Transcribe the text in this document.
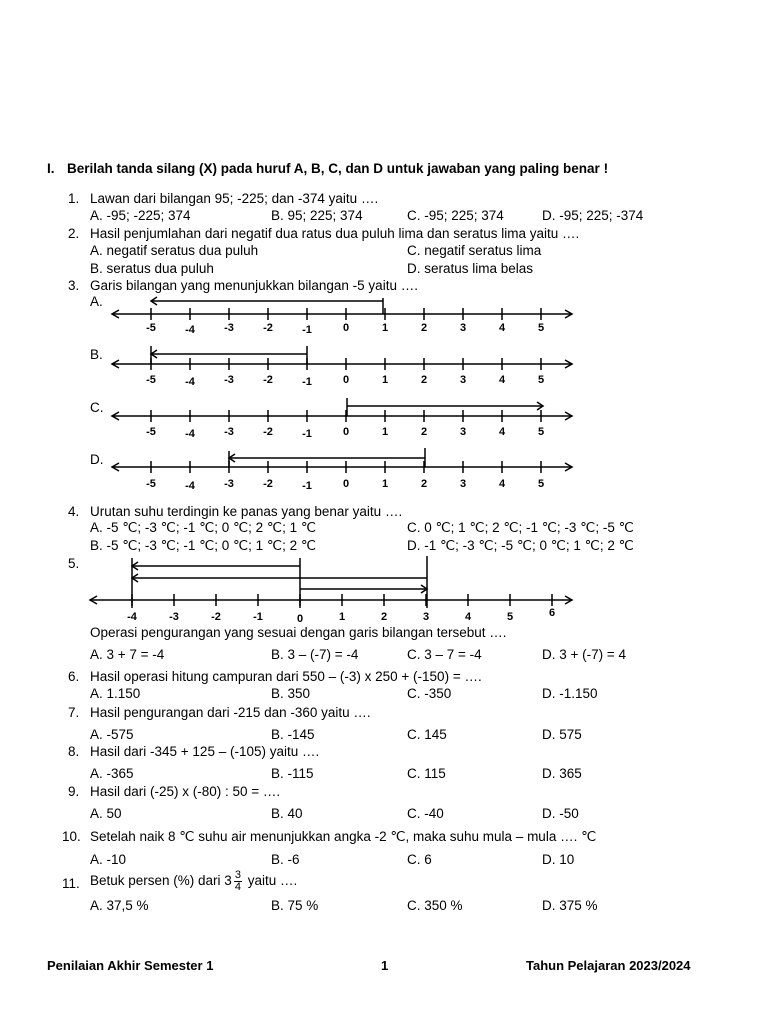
I. Berilah tanda silang (X) pada huruf A, B, C, dan D untuk jawaban yang paling benar !
1. Lawan dari bilangan 95; -225; dan -374 yaitu ….
A. -95; -225; 374	B. 95; 225; 374	C. -95; 225; 374	D. -95; 225; -374
2. Hasil penjumlahan dari negatif dua ratus dua puluh lima dan seratus lima yaitu ….
A. negatif seratus dua puluh	C. negatif seratus lima
B. seratus dua puluh	D. seratus lima belas
3. Garis bilangan yang menunjukkan bilangan -5 yaitu ….
A.
-5	-4	-3	-2	-1	0	1	2	3	4	5
B.
-5	-4	-3	-2	-1	0	1	2	3	4	5
C.
-5	-4	-3	-2	-1	0	1	2	3	4	5
D.
-5	-4	-3	-2	-1	0	1	2	3	4	5
4. Urutan suhu terdingin ke panas yang benar yaitu ….
A. -5 ℃; -3 ℃; -1 ℃; 0 ℃; 2 ℃; 1 ℃	C. 0 ℃; 1 ℃; 2 ℃; -1 ℃; -3 ℃; -5 ℃
B. -5 ℃; -3 ℃; -1 ℃; 0 ℃; 1 ℃; 2 ℃	D. -1 ℃; -3 ℃; -5 ℃; 0 ℃; 1 ℃; 2 ℃
5.
-4	-3	-2	-1	0	1	2	3	4	5	6
Operasi pengurangan yang sesuai dengan garis bilangan tersebut ….
A. 3 + 7 = -4	B. 3 – (-7) = -4	C. 3 – 7 = -4	D. 3 + (-7) = 4
6. Hasil operasi hitung campuran dari 550 – (-3) x 250 + (-150) = ….
A. 1.150	B. 350	C. -350	D. -1.150
7. Hasil pengurangan dari -215 dan -360 yaitu ….
A. -575	B. -145	C. 145	D. 575
8. Hasil dari -345 + 125 – (-105) yaitu ….
A. -365	B. -115	C. 115	D. 365
9. Hasil dari (-25) x (-80) : 50 = ….
A. 50	B. 40	C. -40	D. -50
10. Setelah naik 8 ℃ suhu air menunjukkan angka -2 ℃, maka suhu mula – mula …. ℃
A. -10	B. -6	C. 6	D. 10
11. Betuk persen (%) dari $3 \frac{3}{4}$ yaitu ….
A. 37,5 %	B. 75 %	C. 350 %	D. 375 %
Penilaian Akhir Semester 1	1	Tahun Pelajaran 2023/2024
